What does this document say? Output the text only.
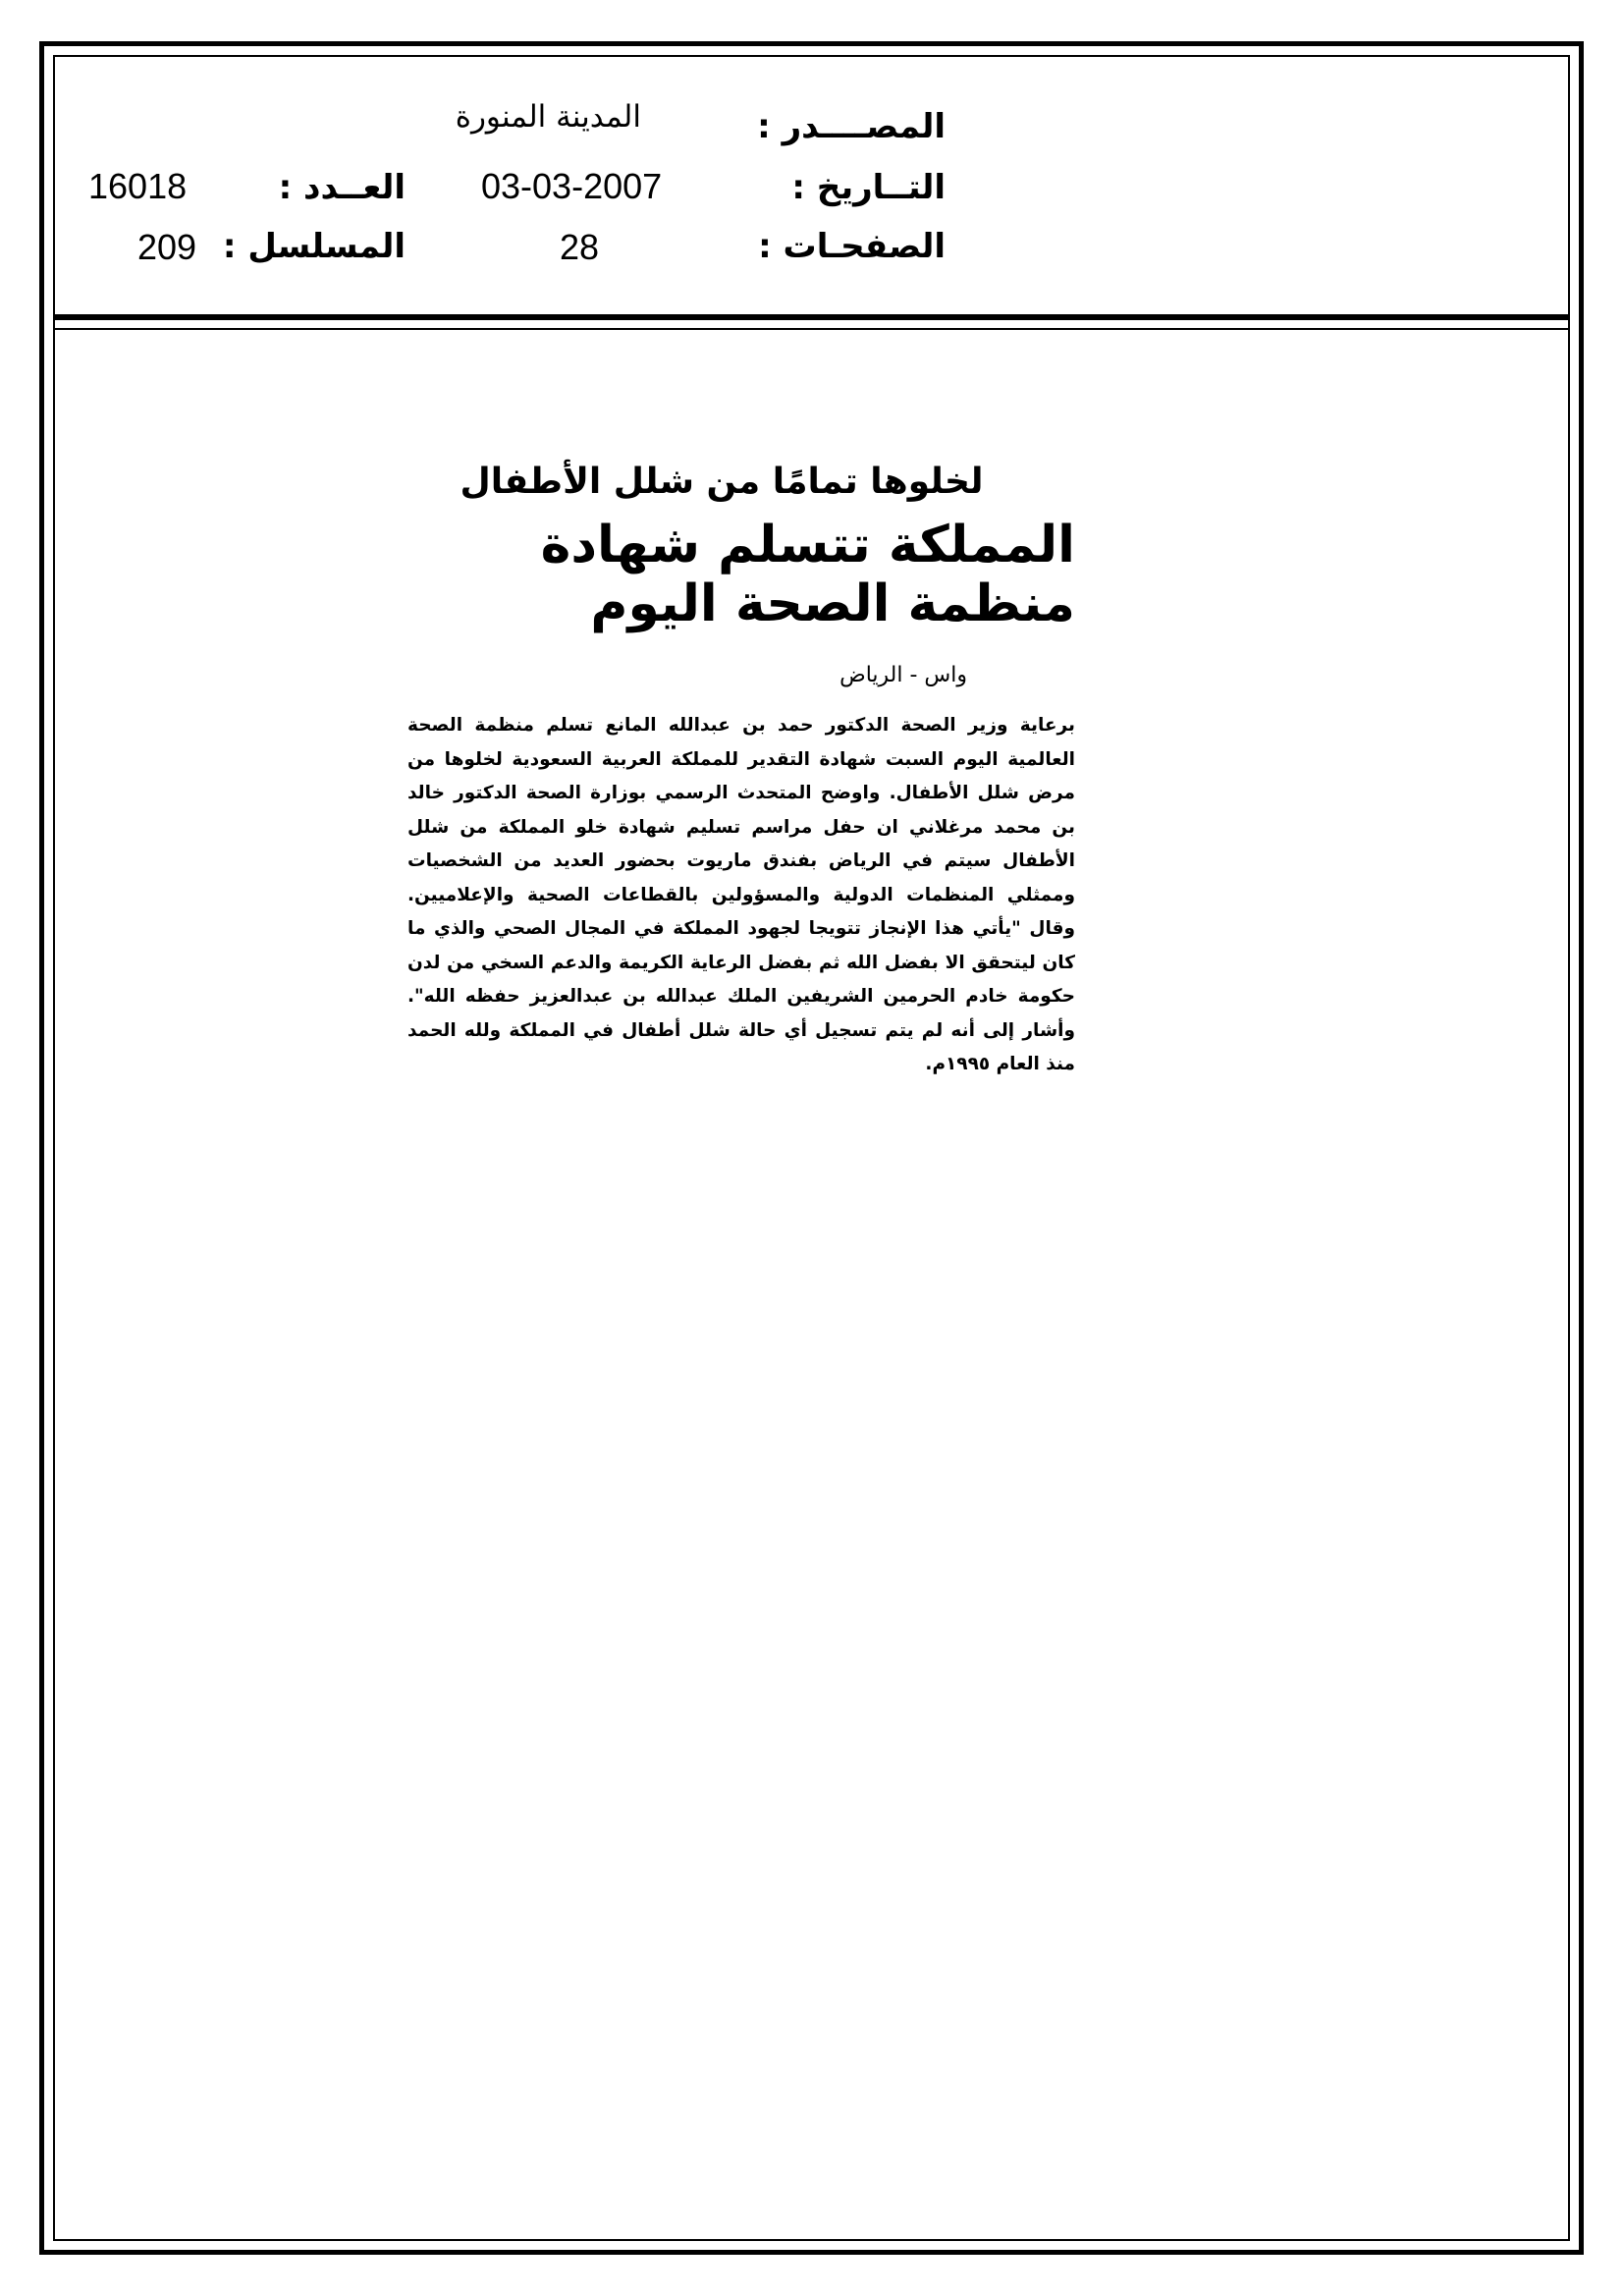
المصــــدر :
المدينة المنورة
التــاريخ :
03-03-2007
العــدد :
16018
الصفحـات :
28
المسلسل :
209
لخلوها تمامًا من شلل الأطفال
المملكة تتسلم شهادة منظمة الصحة اليوم
واس - الرياض

برعاية وزير الصحة الدكتور حمد بن عبدالله المانع تسلم منظمة الصحة العالمية اليوم السبت شهادة التقدير للمملكة العربية السعودية لخلوها من مرض شلل الأطفال. واوضح المتحدث الرسمي بوزارة الصحة الدكتور خالد بن محمد مرغلاني ان حفل مراسم تسليم شهادة خلو المملكة من شلل الأطفال سيتم في الرياض بفندق ماريوت بحضور العديد من الشخصيات وممثلي المنظمات الدولية والمسؤولين بالقطاعات الصحية والإعلاميين. وقال "يأتي هذا الإنجاز تتويجا لجهود المملكة في المجال الصحي والذي ما كان ليتحقق الا بفضل الله ثم بفضل الرعاية الكريمة والدعم السخي من لدن حكومة خادم الحرمين الشريفين الملك عبدالله بن عبدالعزيز حفظه الله". وأشار إلى أنه لم يتم تسجيل أي حالة شلل أطفال في المملكة ولله الحمد منذ العام ١٩٩٥م.
